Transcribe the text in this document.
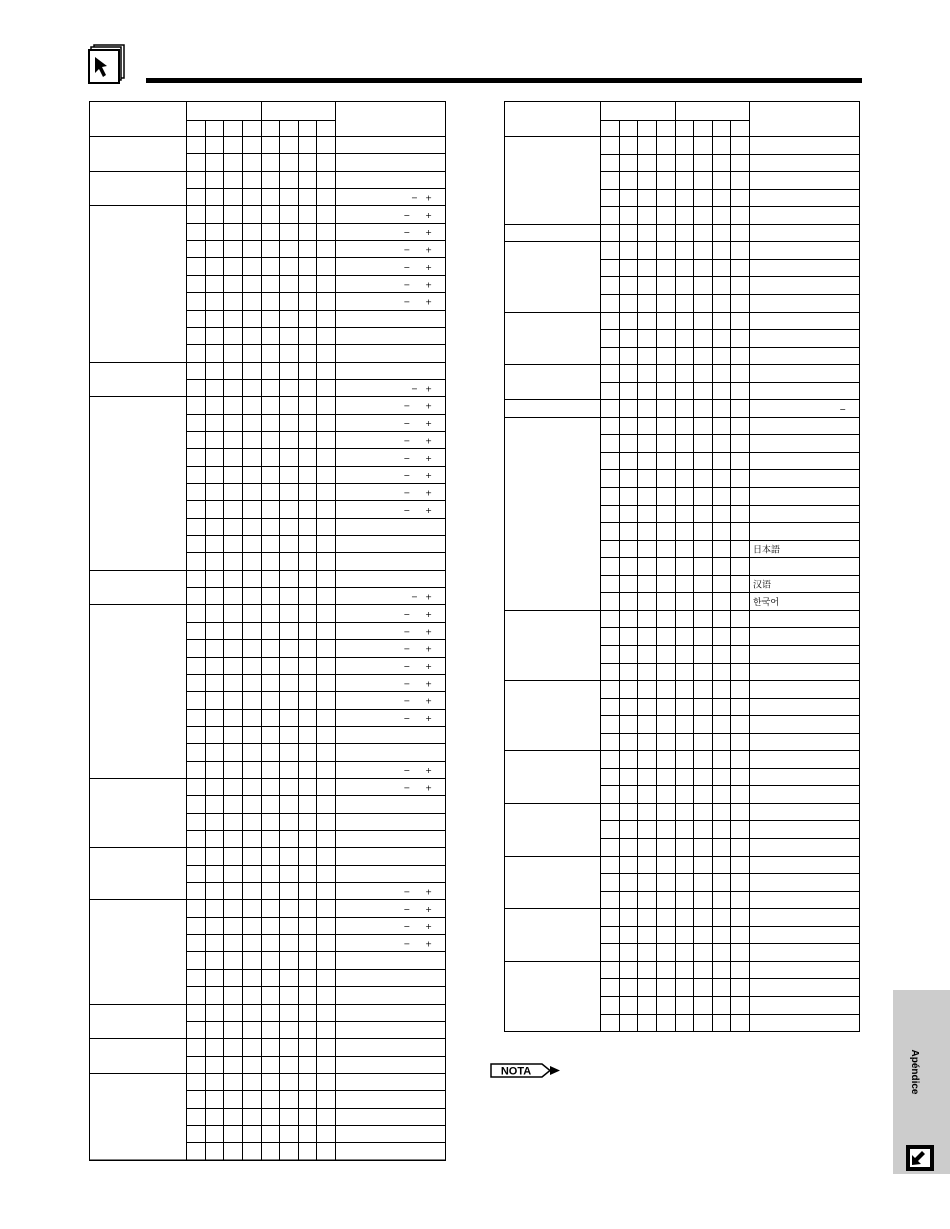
−   +
−      +
−      +
−      +
−      +
−      +
−      +
−   +
−      +
−      +
−      +
−      +
−      +
−      +
−      +
−   +
−      +
−      +
−      +
−      +
−      +
−      +
−      +
−      +
−      +
−      +
−      +
−      +
−      +
−
日本語
汉语
한국어
NOTA	Apéndice
